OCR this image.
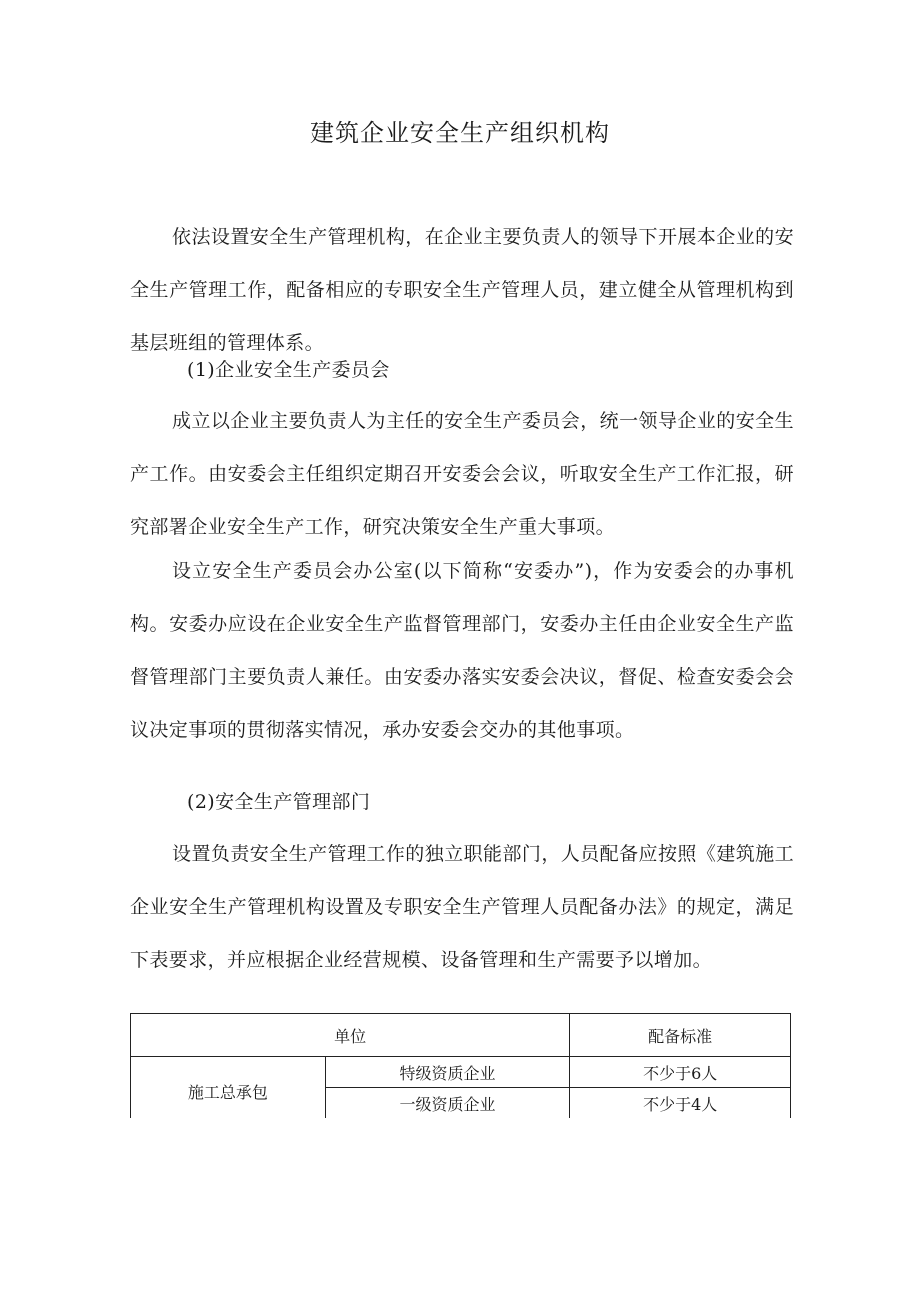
建筑企业安全生产组织机构

依法设置安全生产管理机构，在企业主要负责人的领导下开展本企业的安全生产管理工作，配备相应的专职安全生产管理人员，建立健全从管理机构到基层班组的管理体系。

(1)企业安全生产委员会

成立以企业主要负责人为主任的安全生产委员会，统一领导企业的安全生产工作。由安委会主任组织定期召开安委会会议，听取安全生产工作汇报，研究部署企业安全生产工作，研究决策安全生产重大事项。

设立安全生产委员会办公室(以下简称“安委办”)，作为安委会的办事机构。安委办应设在企业安全生产监督管理部门，安委办主任由企业安全生产监督管理部门主要负责人兼任。由安委办落实安委会决议，督促、检查安委会会议决定事项的贯彻落实情况，承办安委会交办的其他事项。

(2)安全生产管理部门

设置负责安全生产管理工作的独立职能部门，人员配备应按照《建筑施工企业安全生产管理机构设置及专职安全生产管理人员配备办法》的规定，满足下表要求，并应根据企业经营规模、设备管理和生产需要予以增加。

单位		配备标准
施工总承包	特级资质企业	不少于6人
	一级资质企业	不少于4人
